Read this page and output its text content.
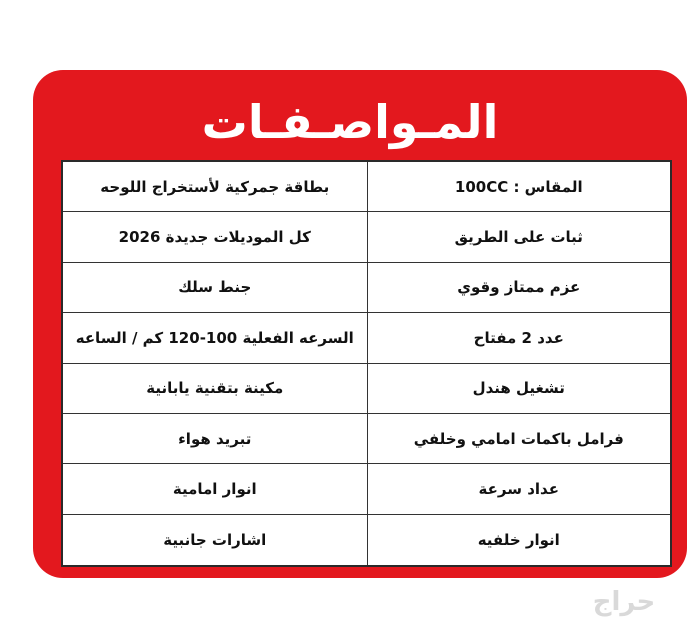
المـواصـفـات
المقاس : 100CC
بطاقة جمركية لأستخراج اللوحه
ثبات على الطريق
كل الموديلات جديدة 2026
عزم ممتاز وقوي
جنط سلك
عدد 2 مفتاح
السرعه الفعلية 100-120 كم / الساعه
تشغيل هندل
مكينة بتقنية يابانية
فرامل باكمات امامي وخلفي
تبريد هواء
عداد سرعة
انوار امامية
انوار خلفيه
اشارات جانبية
حراج
